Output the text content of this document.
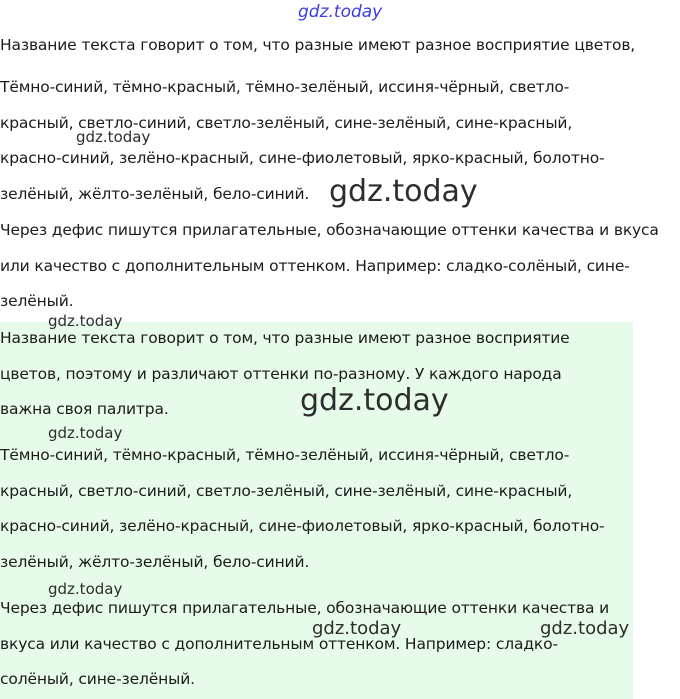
gdz.today

Название текста говорит о том, что разные имеют разное восприятие цветов,

Тёмно-синий, тёмно-красный, тёмно-зелёный, иссиня-чёрный, светло-красный, светло-синий, светло-зелёный, сине-зелёный, сине-красный, красно-синий, зелёно-красный, сине-фиолетовый, ярко-красный, болотно-зелёный, жёлто-зелёный, бело-синий.

Через дефис пишутся прилагательные, обозначающие оттенки качества и вкуса или качество с дополнительным оттенком. Например: сладко-солёный, сине-зелёный.

Название текста говорит о том, что разные имеют разное восприятие цветов, поэтому и различают оттенки по-разному. У каждого народа важна своя палитра.

Тёмно-синий, тёмно-красный, тёмно-зелёный, иссиня-чёрный, светло-красный, светло-синий, светло-зелёный, сине-зелёный, сине-красный, красно-синий, зелёно-красный, сине-фиолетовый, ярко-красный, болотно-зелёный, жёлто-зелёный, бело-синий.

Через дефис пишутся прилагательные, обозначающие оттенки качества и вкуса или качество с дополнительным оттенком. Например: сладко-солёный, сине-зелёный.

gdz.today
gdz.today
gdz.today
gdz.today
gdz.today
gdz.today
gdz.today	gdz.today
